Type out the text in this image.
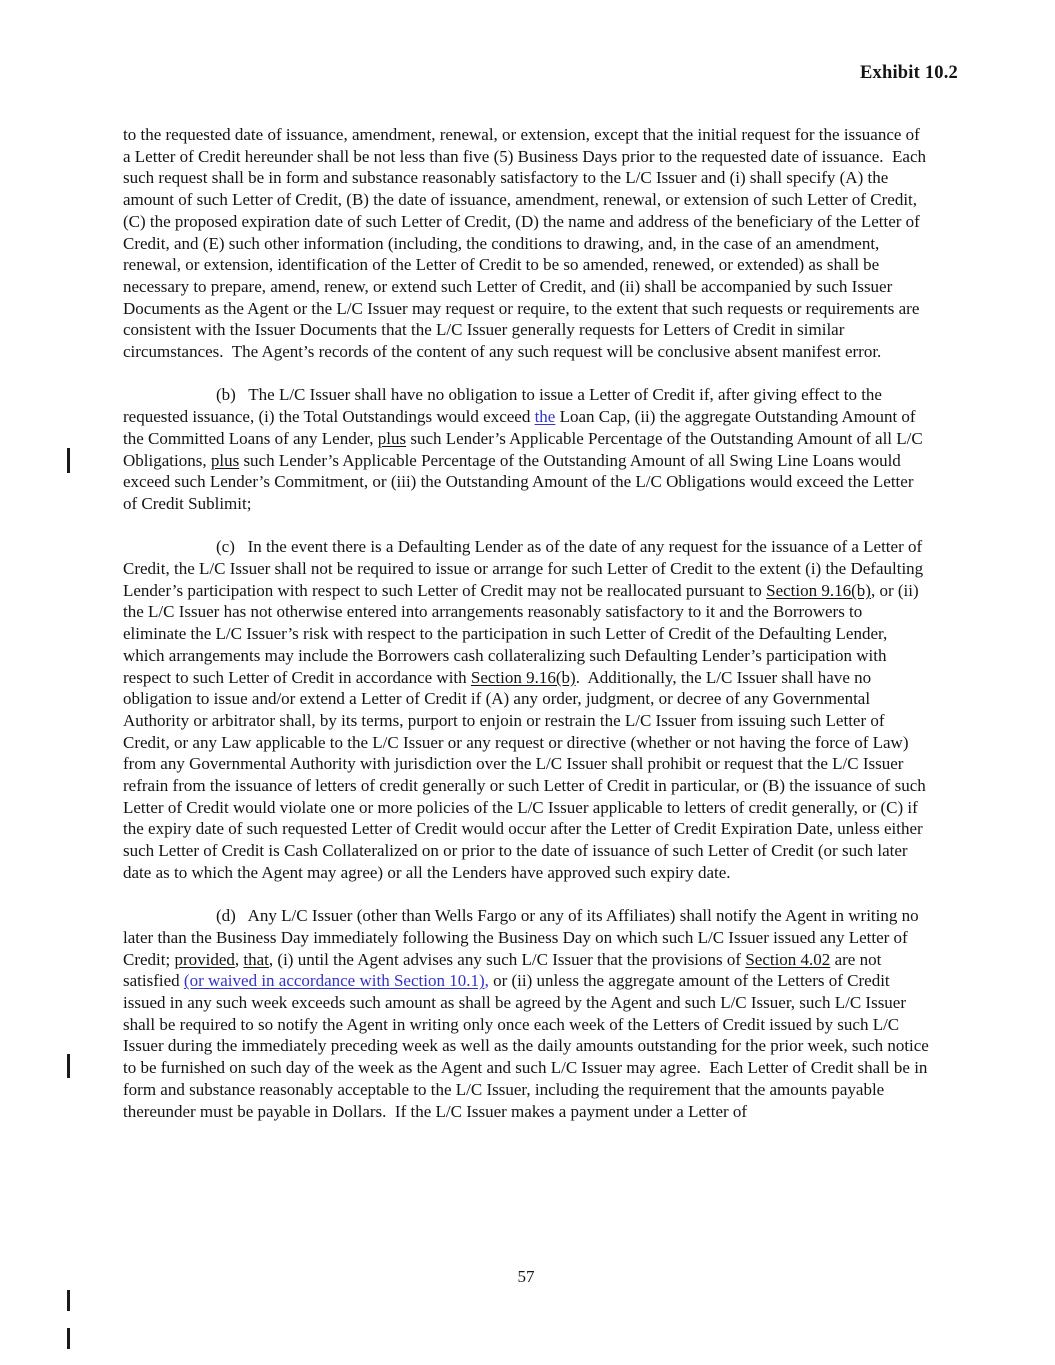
Exhibit 10.2

to the requested date of issuance, amendment, renewal, or extension, except that the initial request for the issuance of a Letter of Credit hereunder shall be not less than five (5) Business Days prior to the requested date of issuance.  Each such request shall be in form and substance reasonably satisfactory to the L/C Issuer and (i) shall specify (A) the amount of such Letter of Credit, (B) the date of issuance, amendment, renewal, or extension of such Letter of Credit, (C) the proposed expiration date of such Letter of Credit, (D) the name and address of the beneficiary of the Letter of Credit, and (E) such other information (including, the conditions to drawing, and, in the case of an amendment, renewal, or extension, identification of the Letter of Credit to be so amended, renewed, or extended) as shall be necessary to prepare, amend, renew, or extend such Letter of Credit, and (ii) shall be accompanied by such Issuer Documents as the Agent or the L/C Issuer may request or require, to the extent that such requests or requirements are consistent with the Issuer Documents that the L/C Issuer generally requests for Letters of Credit in similar circumstances.  The Agent’s records of the content of any such request will be conclusive absent manifest error.

(b)   The L/C Issuer shall have no obligation to issue a Letter of Credit if, after giving effect to the requested issuance, (i) the Total Outstandings would exceed the Loan Cap, (ii) the aggregate Outstanding Amount of the Committed Loans of any Lender, plus such Lender’s Applicable Percentage of the Outstanding Amount of all L/C Obligations, plus such Lender’s Applicable Percentage of the Outstanding Amount of all Swing Line Loans would exceed such Lender’s Commitment, or (iii) the Outstanding Amount of the L/C Obligations would exceed the Letter of Credit Sublimit;

(c)   In the event there is a Defaulting Lender as of the date of any request for the issuance of a Letter of Credit, the L/C Issuer shall not be required to issue or arrange for such Letter of Credit to the extent (i) the Defaulting Lender’s participation with respect to such Letter of Credit may not be reallocated pursuant to Section 9.16(b), or (ii) the L/C Issuer has not otherwise entered into arrangements reasonably satisfactory to it and the Borrowers to eliminate the L/C Issuer’s risk with respect to the participation in such Letter of Credit of the Defaulting Lender, which arrangements may include the Borrowers cash collateralizing such Defaulting Lender’s participation with respect to such Letter of Credit in accordance with Section 9.16(b).  Additionally, the L/C Issuer shall have no obligation to issue and/or extend a Letter of Credit if (A) any order, judgment, or decree of any Governmental Authority or arbitrator shall, by its terms, purport to enjoin or restrain the L/C Issuer from issuing such Letter of Credit, or any Law applicable to the L/C Issuer or any request or directive (whether or not having the force of Law) from any Governmental Authority with jurisdiction over the L/C Issuer shall prohibit or request that the L/C Issuer refrain from the issuance of letters of credit generally or such Letter of Credit in particular, or (B) the issuance of such Letter of Credit would violate one or more policies of the L/C Issuer applicable to letters of credit generally, or (C) if the expiry date of such requested Letter of Credit would occur after the Letter of Credit Expiration Date, unless either such Letter of Credit is Cash Collateralized on or prior to the date of issuance of such Letter of Credit (or such later date as to which the Agent may agree) or all the Lenders have approved such expiry date.

(d)   Any L/C Issuer (other than Wells Fargo or any of its Affiliates) shall notify the Agent in writing no later than the Business Day immediately following the Business Day on which such L/C Issuer issued any Letter of Credit; provided, that, (i) until the Agent advises any such L/C Issuer that the provisions of Section 4.02 are not satisfied (or waived in accordance with Section 10.1), or (ii) unless the aggregate amount of the Letters of Credit issued in any such week exceeds such amount as shall be agreed by the Agent and such L/C Issuer, such L/C Issuer shall be required to so notify the Agent in writing only once each week of the Letters of Credit issued by such L/C Issuer during the immediately preceding week as well as the daily amounts outstanding for the prior week, such notice to be furnished on such day of the week as the Agent and such L/C Issuer may agree.  Each Letter of Credit shall be in form and substance reasonably acceptable to the L/C Issuer, including the requirement that the amounts payable thereunder must be payable in Dollars.  If the L/C Issuer makes a payment under a Letter of

57
